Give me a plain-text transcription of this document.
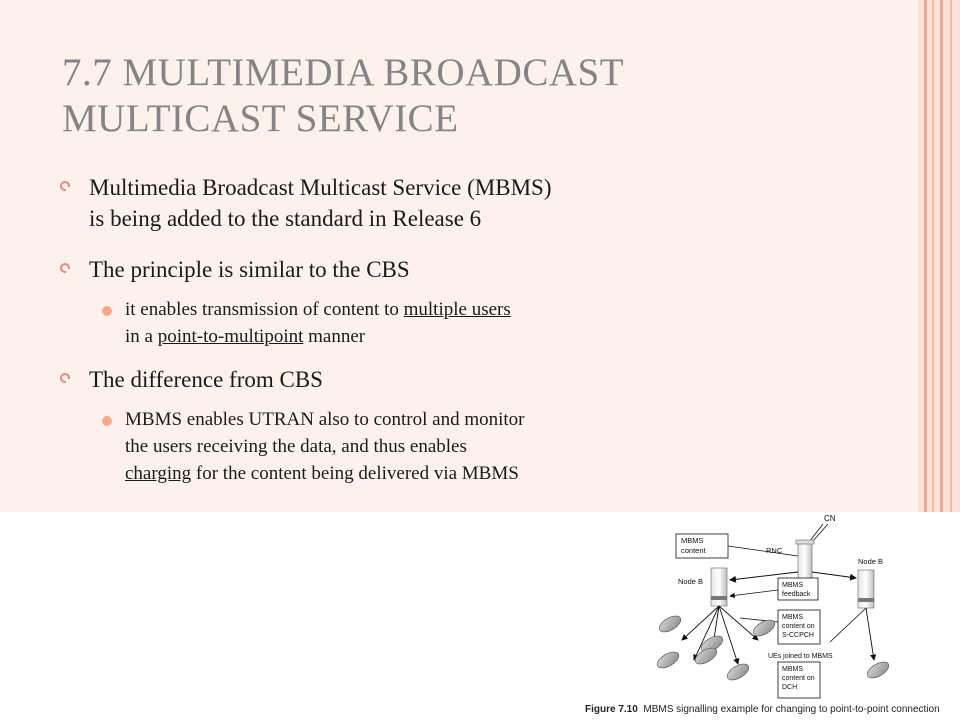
7.7 MULTIMEDIA BROADCAST
MULTICAST SERVICE
Multimedia Broadcast Multicast Service (MBMS)
is being added to the standard in Release 6
The principle is similar to the CBS
it enables transmission of content to multiple users
in a point-to-multipoint manner
The difference from CBS
MBMS enables UTRAN also to control and monitor
the users receiving the data, and thus enables
charging for the content being delivered via MBMS
CN
MBMS
content	RNC
Node B
Node B
MBMS
feedback
MBMS
content on
S-CCPCH
UEs joined to MBMS
MBMS
content on
DCH
Figure 7.10 MBMS signalling example for changing to point-to-point connection
